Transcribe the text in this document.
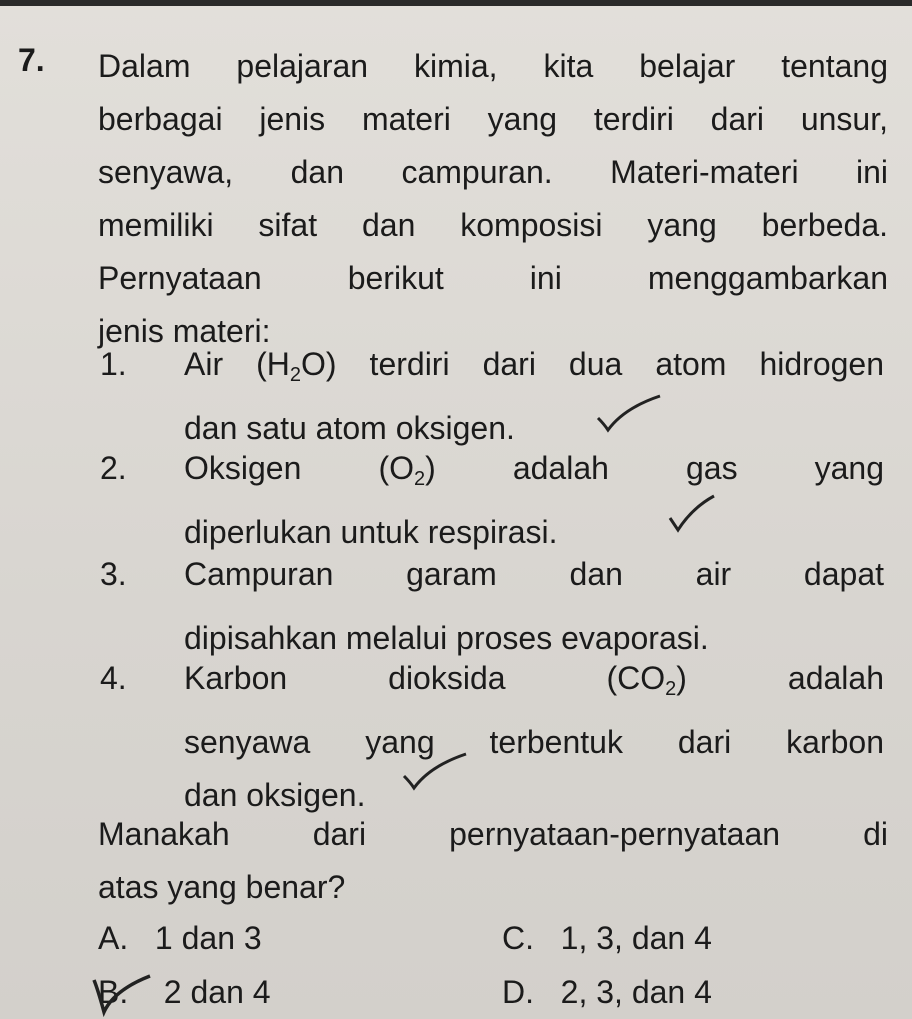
7. Dalam pelajaran kimia, kita belajar tentang
berbagai jenis materi yang terdiri dari unsur,
senyawa, dan campuran. Materi-materi ini
memiliki sifat dan komposisi yang berbeda.
Pernyataan berikut ini menggambarkan
jenis materi:
1. Air $(H_2O)$ terdiri dari dua atom hidrogen
dan satu atom oksigen.
2. Oksigen $(O_2)$ adalah gas yang
diperlukan untuk respirasi.
3. Campuran garam dan air dapat
dipisahkan melalui proses evaporasi.
4. Karbon dioksida $(CO_2)$ adalah
senyawa yang terbentuk dari karbon
dan oksigen.
Manakah dari pernyataan-pernyataan di
atas yang benar?
A. 1 dan 3
B. 2 dan 4
C. 1, 3, dan 4
D. 2, 3, dan 4
